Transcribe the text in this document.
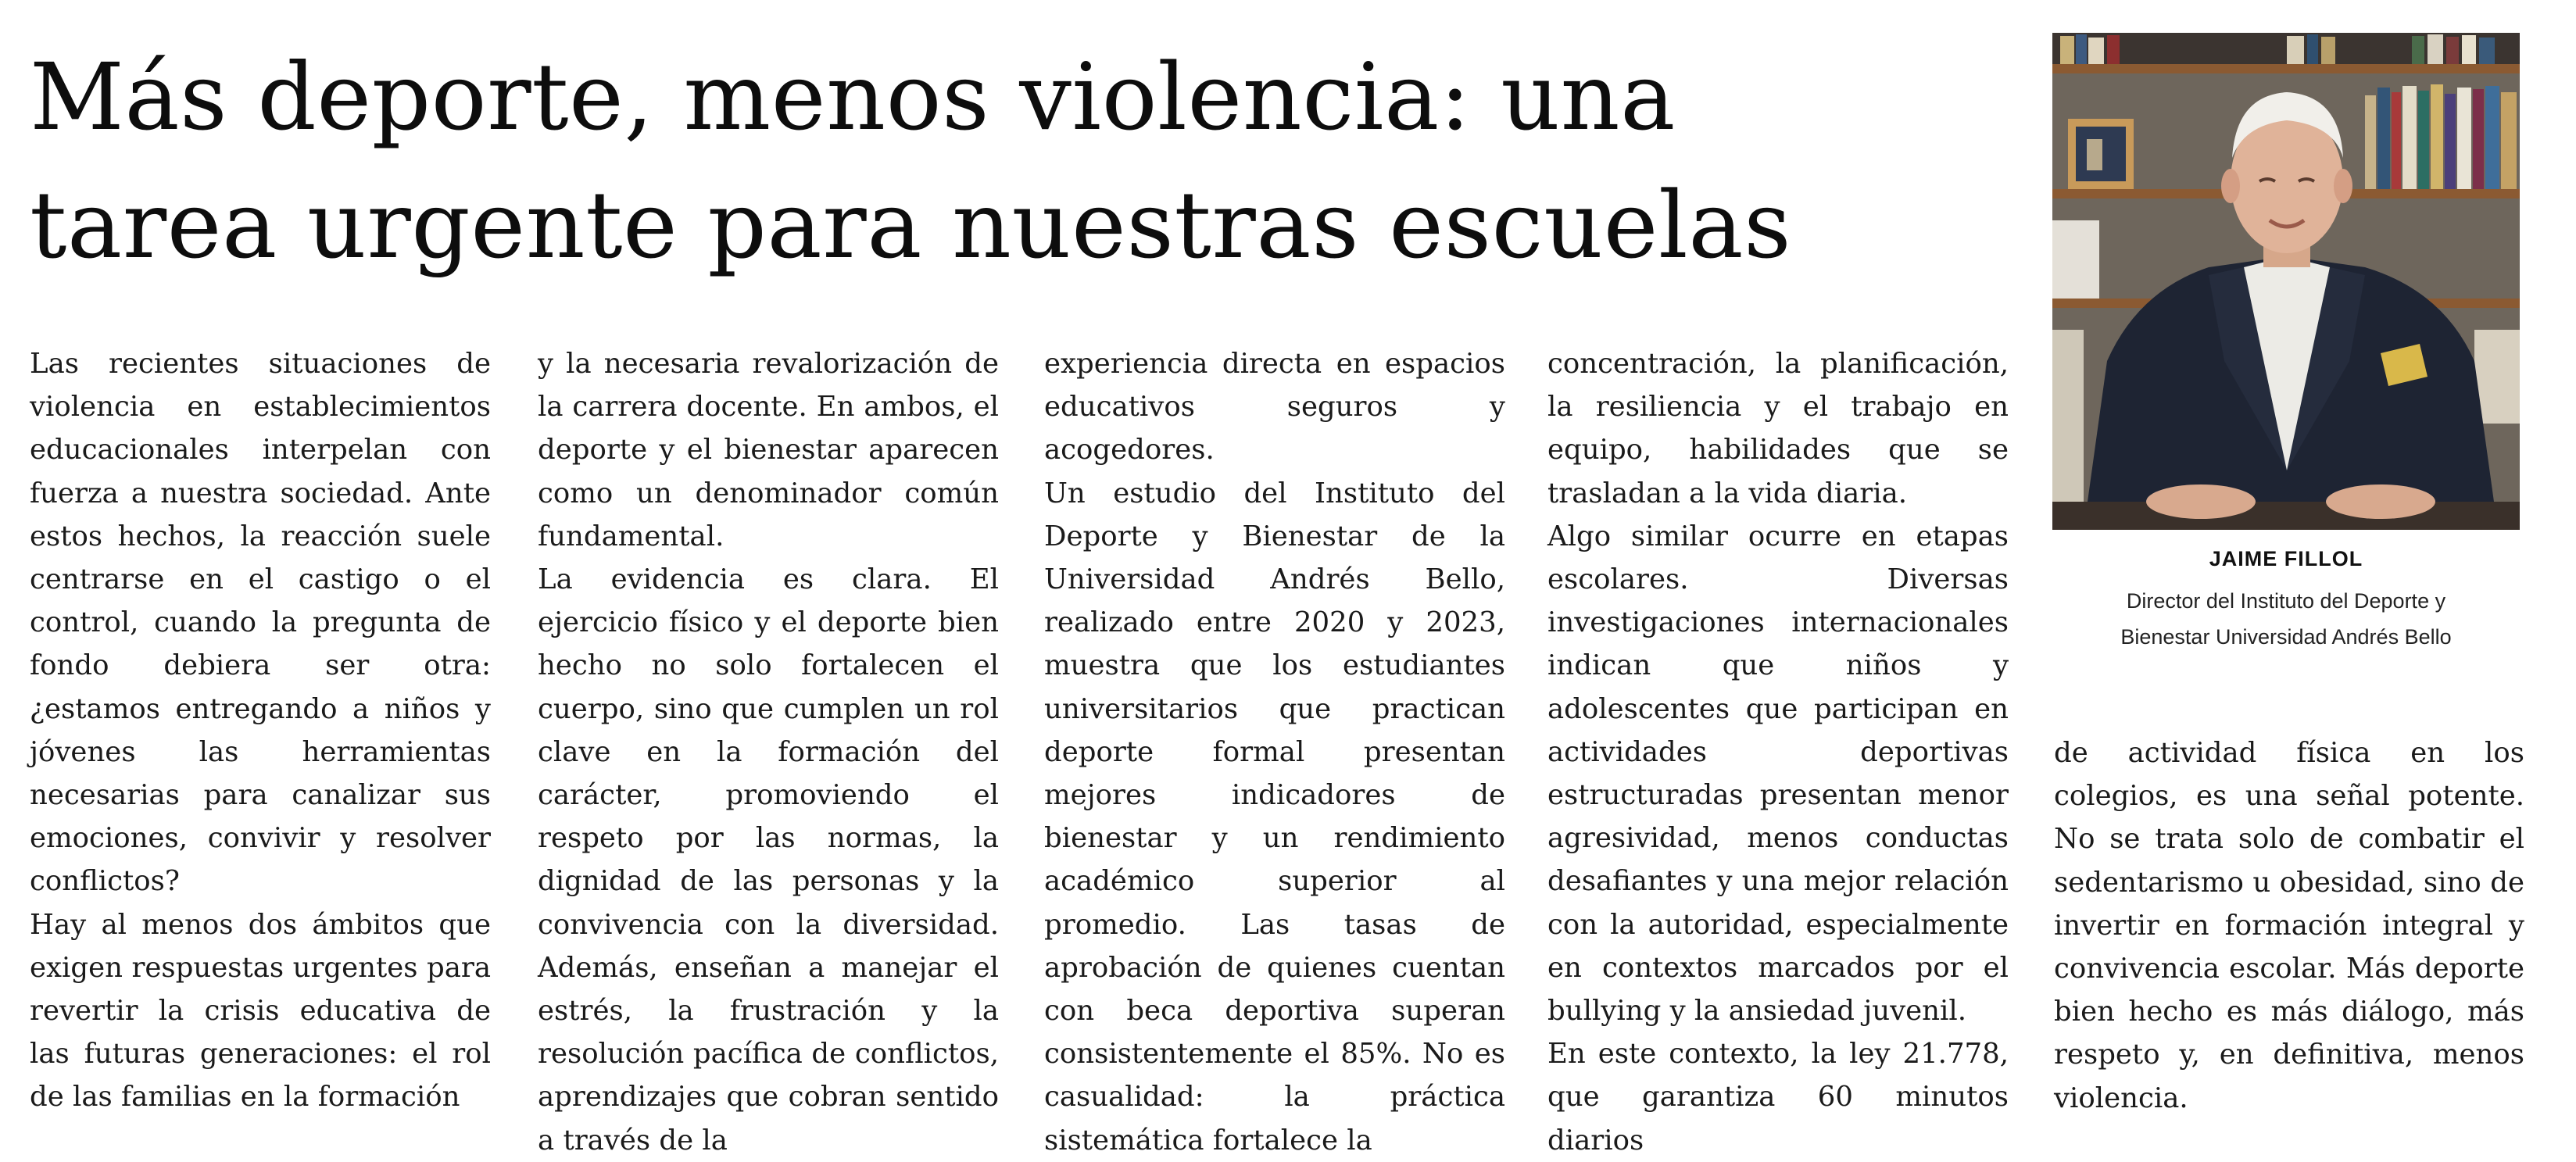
Más deporte, menos violencia: una
tarea urgente para nuestras escuelas

Las recientes situaciones de violencia en establecimientos educacionales interpelan con fuerza a nuestra sociedad. Ante estos hechos, la reacción suele centrarse en el castigo o el control, cuando la pregunta de fondo debiera ser otra: ¿estamos entregando a niños y jóvenes las herramientas necesarias para canalizar sus emociones, convivir y resolver conflictos?

Hay al menos dos ámbitos que exigen respuestas urgentes para revertir la crisis educativa de las futuras generaciones: el rol de las familias en la formación

y la necesaria revalorización de la carrera docente. En ambos, el deporte y el bienestar aparecen como un denominador común fundamental.

La evidencia es clara. El ejercicio físico y el deporte bien hecho no solo fortalecen el cuerpo, sino que cumplen un rol clave en la formación del carácter, promoviendo el respeto por las normas, la dignidad de las personas y la convivencia con la diversidad. Además, enseñan a manejar el estrés, la frustración y la resolución pacífica de conflictos, aprendizajes que cobran sentido a través de la

experiencia directa en espacios educativos seguros y acogedores.

Un estudio del Instituto del Deporte y Bienestar de la Universidad Andrés Bello, realizado entre 2020 y 2023, muestra que los estudiantes universitarios que practican deporte formal presentan mejores indicadores de bienestar y un rendimiento académico superior al promedio. Las tasas de aprobación de quienes cuentan con beca deportiva superan consistentemente el 85%. No es casualidad: la práctica sistemática fortalece la

concentración, la planificación, la resiliencia y el trabajo en equipo, habilidades que se trasladan a la vida diaria.

Algo similar ocurre en etapas escolares. Diversas investigaciones internacionales indican que niños y adolescentes que participan en actividades deportivas estructuradas presentan menor agresividad, menos conductas desafiantes y una mejor relación con la autoridad, especialmente en contextos marcados por el bullying y la ansiedad juvenil.

En este contexto, la ley 21.778, que garantiza 60 minutos diarios

JAIME FILLOL
Director del Instituto del Deporte y
Bienestar Universidad Andrés Bello

de actividad física en los colegios, es una señal potente. No se trata solo de combatir el sedentarismo u obesidad, sino de invertir en formación integral y convivencia escolar. Más deporte bien hecho es más diálogo, más respeto y, en definitiva, menos violencia.
